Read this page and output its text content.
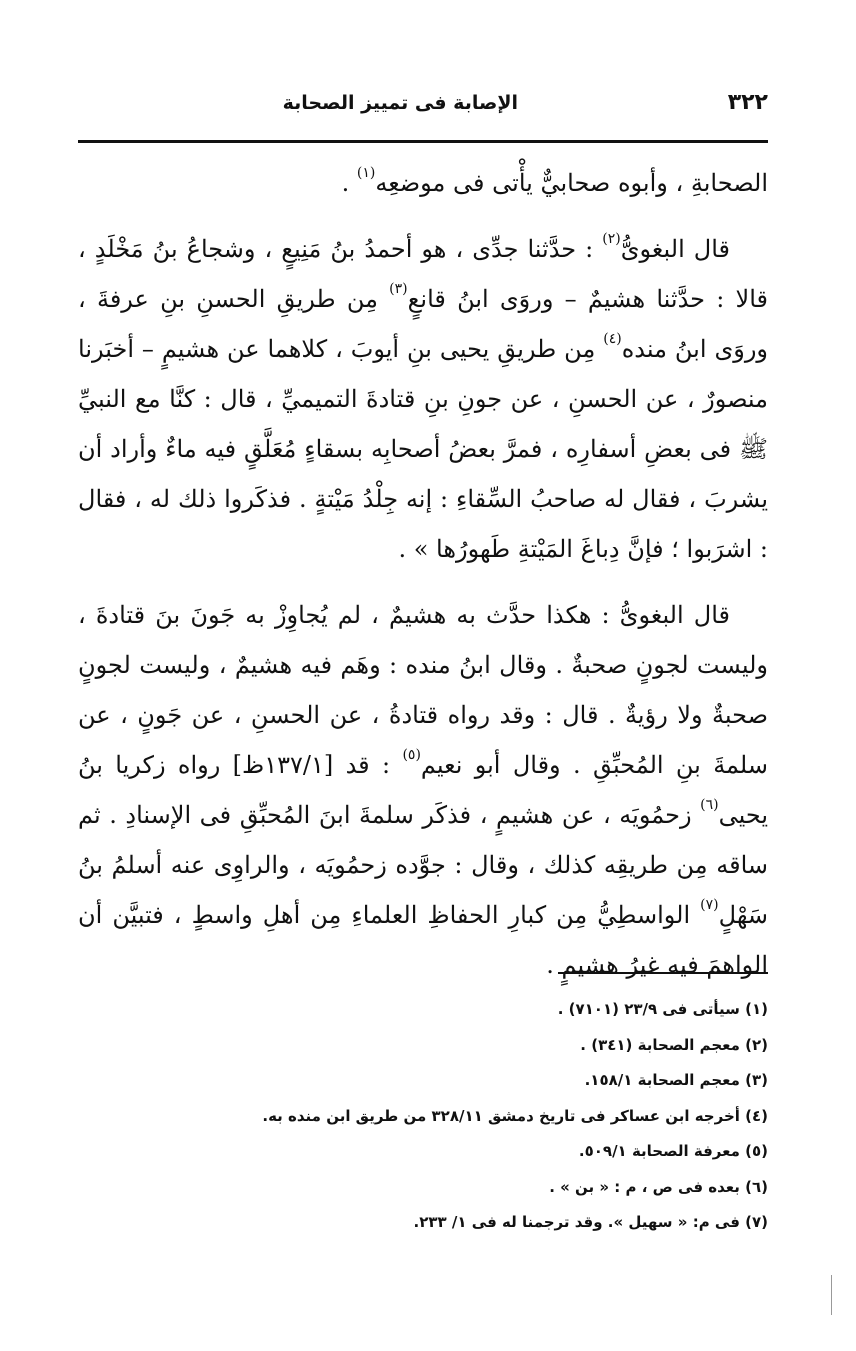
٣٢٢
الإصابة فى تمييز الصحابة

الصحابةِ ، وأبوه صحابيٌّ يأْتى فى موضعِه$^{(١)}$ .

قال البغوىُّ$^{(٢)}$ : حدَّثنا جدِّى ، هو أحمدُ بنُ مَنِيعٍ ، وشجاعُ بنُ مَخْلَدٍ ، قالا : حدَّثنا هشيمٌ – وروَى ابنُ قانعٍ$^{(٣)}$ مِن طريقِ الحسنِ بنِ عرفةَ ، وروَى ابنُ منده$^{(٤)}$ مِن طريقِ يحيى بنِ أيوبَ ، كلاهما عن هشيمٍ – أخبَرنا منصورٌ ، عن الحسنِ ، عن جونِ بنِ قتادةَ التميميِّ ، قال : كنَّا مع النبيِّ ﷺ فى بعضِ أسفارِه ، فمرَّ بعضُ أصحابِه بسقاءٍ مُعَلَّقٍ فيه ماءٌ وأراد أن يشربَ ، فقال له صاحبُ السِّقاءِ : إنه جِلْدُ مَيْتةٍ . فذكَروا ذلك له ، فقال : اشرَبوا ؛ فإنَّ دِباغَ المَيْتةِ طَهورُها » .

قال البغوىُّ : هكذا حدَّث به هشيمٌ ، لم يُجاوِزْ به جَونَ بنَ قتادةَ ، وليست لجونٍ صحبةٌ . وقال ابنُ منده : وهَم فيه هشيمٌ ، وليست لجونٍ صحبةٌ ولا رؤيةٌ . قال : وقد رواه قتادةُ ، عن الحسنِ ، عن جَونٍ ، عن سلمةَ بنِ المُحبِّقِ . وقال أبو نعيم$^{(٥)}$ : قد [١٣٧/١ظ] رواه زكريا بنُ يحيى$^{(٦)}$ زحمُويَه ، عن هشيمٍ ، فذكَر سلمةَ ابنَ المُحبِّقِ فى الإسنادِ . ثم ساقه مِن طريقِه كذلك ، وقال : جوَّده زحمُويَه ، والراوِى عنه أسلمُ بنُ سَهْلٍ$^{(٧)}$ الواسطِيُّ مِن كبارِ الحفاظِ العلماءِ مِن أهلِ واسطٍ ، فتبيَّن أن الواهمَ فيه غيرُ هشيمٍ .

(١) سيأتى فى ٢٣/٩ (٧١٠١) .

(٢) معجم الصحابة (٣٤١) .

(٣) معجم الصحابة ١٥٨/١.

(٤) أخرجه ابن عساكر فى تاريخ دمشق ٣٢٨/١١ من طريق ابن منده به.

(٥) معرفة الصحابة ٥٠٩/١.

(٦) بعده فى ص ، م : « بن » .

(٧) فى م: « سهيل ». وقد ترجمنا له فى ١/ ٢٣٣.
